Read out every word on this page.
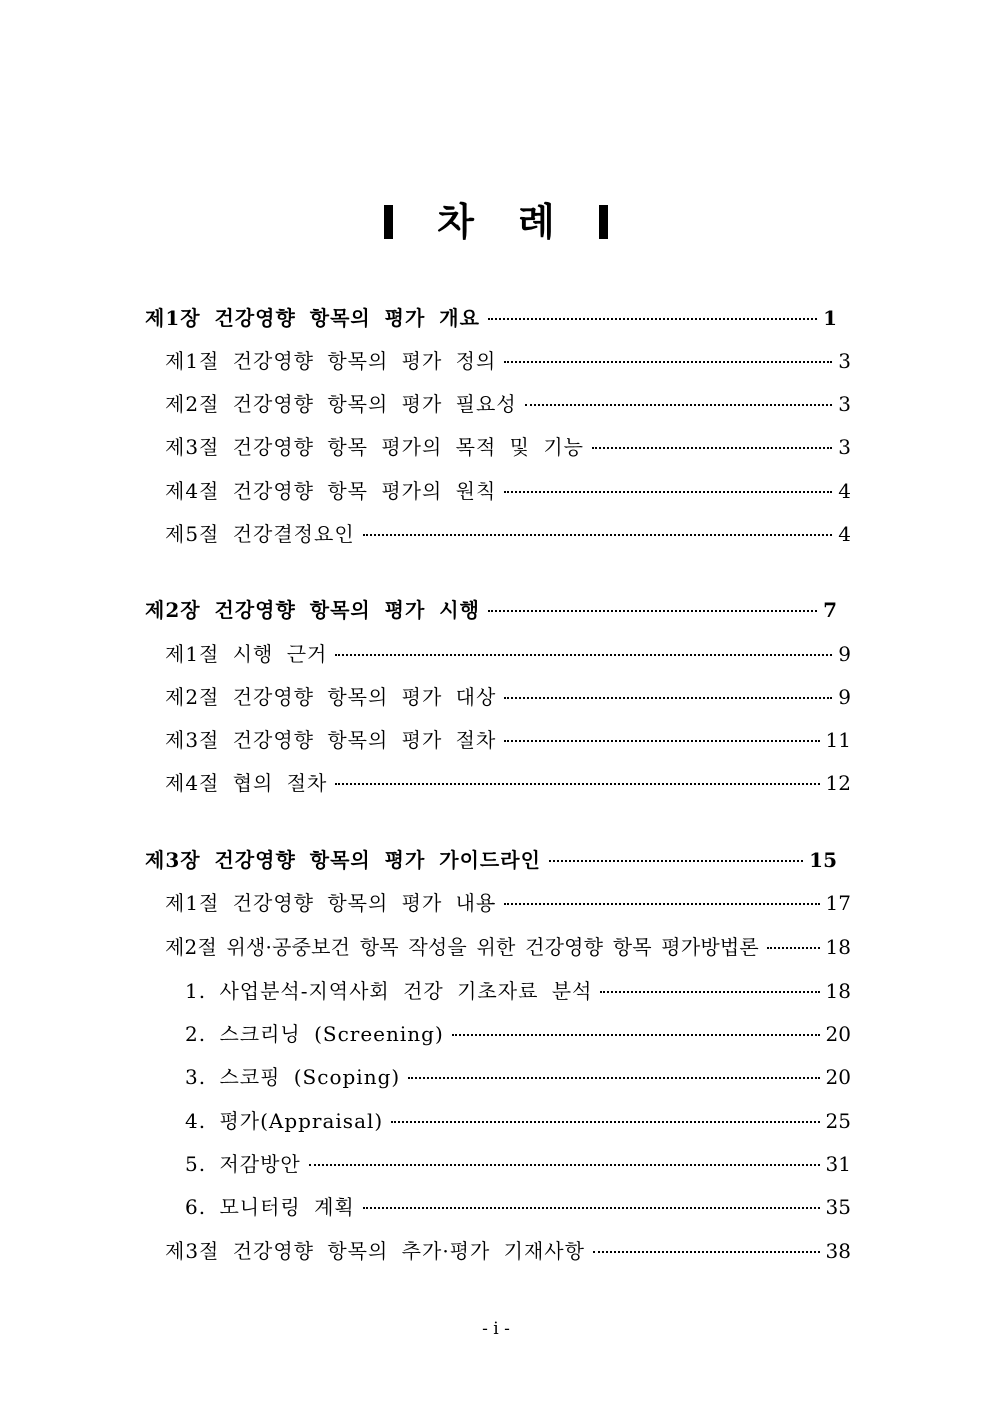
차 례
제1장 건강영향 항목의 평가 개요	1
제1절 건강영향 항목의 평가 정의	3
제2절 건강영향 항목의 평가 필요성	3
제3절 건강영향 항목 평가의 목적 및 기능	3
제4절 건강영향 항목 평가의 원칙	4
제5절 건강결정요인	4
제2장 건강영향 항목의 평가 시행	7
제1절 시행 근거	9
제2절 건강영향 항목의 평가 대상	9
제3절 건강영향 항목의 평가 절차	11
제4절 협의 절차	12
제3장 건강영향 항목의 평가 가이드라인	15
제1절 건강영향 항목의 평가 내용	17
제2절 위생·공중보건 항목 작성을 위한 건강영향 항목 평가방법론	18
1. 사업분석-지역사회 건강 기초자료 분석	18
2. 스크리닝 (Screening)	20
3. 스코핑 (Scoping)	20
4. 평가(Appraisal)	25
5. 저감방안	31
6. 모니터링 계획	35
제3절 건강영향 항목의 추가·평가 기재사항	38
- i -
